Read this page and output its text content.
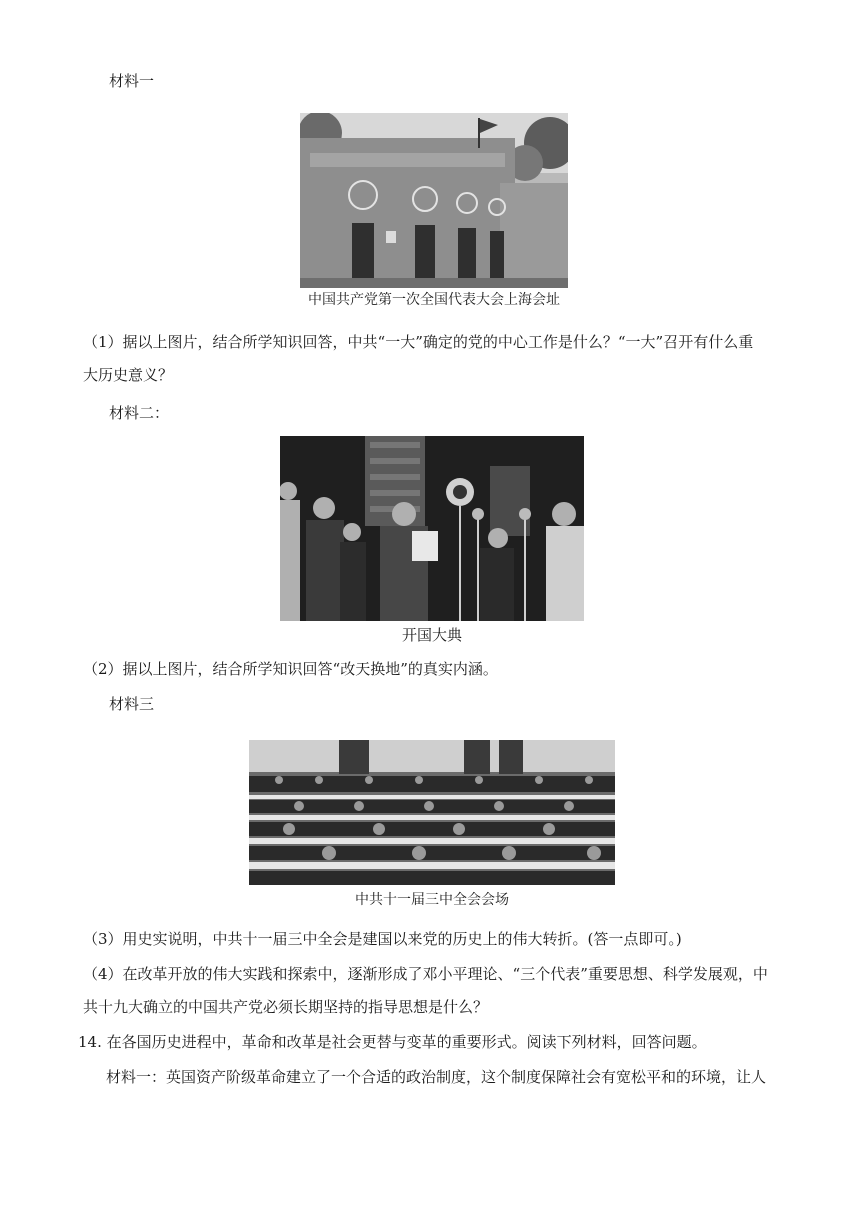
材料一
中国共产党第一次全国代表大会上海会址
（1）据以上图片，结合所学知识回答，中共“一大”确定的党的中心工作是什么？“一大”召开有什么重
大历史意义？
材料二：
开国大典
（2）据以上图片，结合所学知识回答“改天换地”的真实内涵。
材料三
中共十一届三中全会会场
（3）用史实说明，中共十一届三中全会是建国以来党的历史上的伟大转折。(答一点即可。)
（4）在改革开放的伟大实践和探索中，逐渐形成了邓小平理论、“三个代表”重要思想、科学发展观，中
共十九大确立的中国共产党必须长期坚持的指导思想是什么？
14. 在各国历史进程中，革命和改革是社会更替与变革的重要形式。阅读下列材料，回答问题。
材料一：英国资产阶级革命建立了一个合适的政治制度，这个制度保障社会有宽松平和的环境，让人
